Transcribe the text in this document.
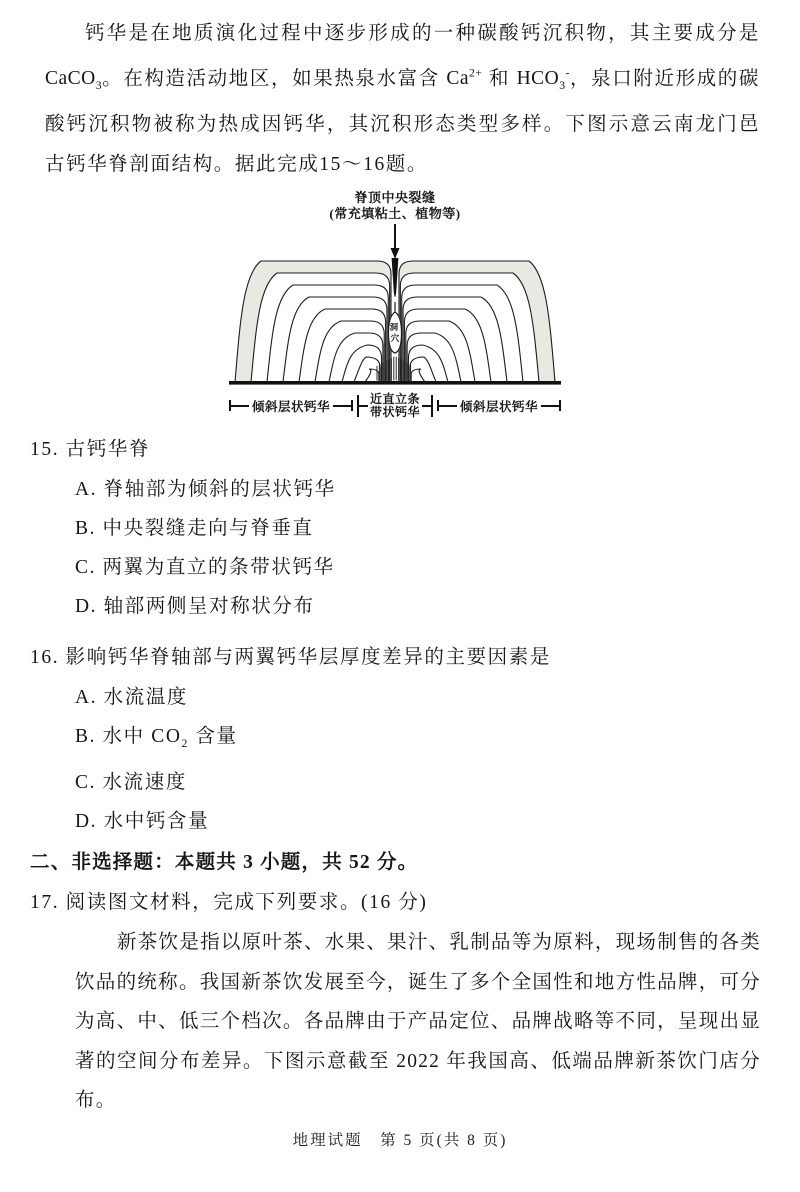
钙华是在地质演化过程中逐步形成的一种碳酸钙沉积物，其主要成分是 CaCO$_3$。在构造活动地区，如果热泉水富含 $Ca^{2+}$ 和 $HCO_3^-$，泉口附近形成的碳酸钙沉积物被称为热成因钙华，其沉积形态类型多样。下图示意云南龙门邑古钙华脊剖面结构。据此完成15～16题。

脊顶中央裂缝
(常充填粘土、植物等)
洞 穴
倾斜层状钙华
近直立条
带状钙华	倾斜层状钙华
15. 古钙华脊
A. 脊轴部为倾斜的层状钙华
B. 中央裂缝走向与脊垂直
C. 两翼为直立的条带状钙华
D. 轴部两侧呈对称状分布
16. 影响钙华脊轴部与两翼钙华层厚度差异的主要因素是
A. 水流温度
B. 水中 $CO_2$ 含量
C. 水流速度
D. 水中钙含量
二、非选择题：本题共 3 小题，共 52 分。
17. 阅读图文材料，完成下列要求。(16 分)

新茶饮是指以原叶茶、水果、果汁、乳制品等为原料，现场制售的各类饮品的统称。我国新茶饮发展至今，诞生了多个全国性和地方性品牌，可分为高、中、低三个档次。各品牌由于产品定位、品牌战略等不同，呈现出显著的空间分布差异。下图示意截至 2022 年我国高、低端品牌新茶饮门店分布。

地理试题　第 5 页(共 8 页)
